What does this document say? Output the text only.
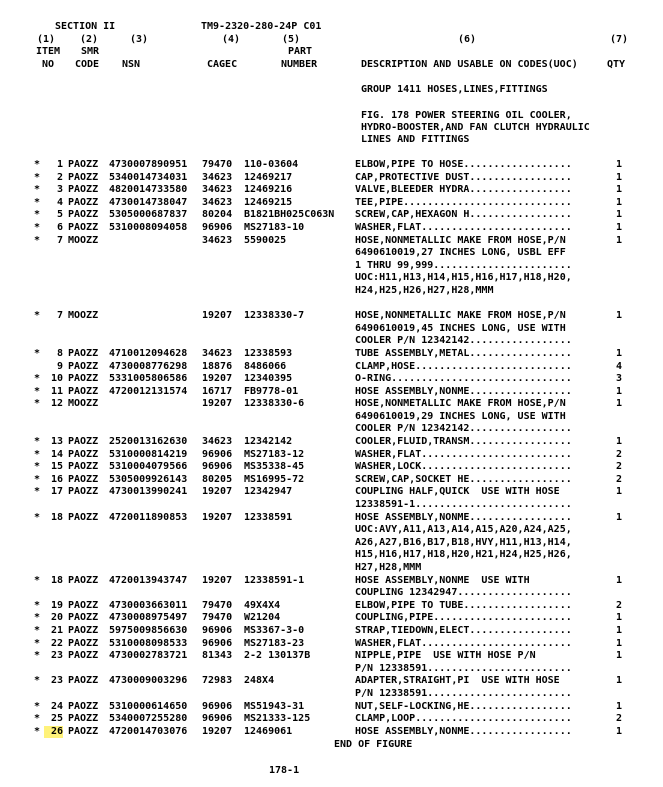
SECTION II	TM9-2320-280-24P C01
(1) (2)	(3)	(4)	(5)	(6)	(7)
ITEM SMR	PART
NO CODE NSN	CAGEC	NUMBER	DESCRIPTION AND USABLE ON CODES(UOC)	QTY
GROUP 1411 HOSES,LINES,FITTINGS
FIG. 178 POWER STEERING OIL COOLER,
HYDRO-BOOSTER,AND FAN CLUTCH HYDRAULIC
LINES AND FITTINGS
*	1 PAOZZ 4730007890951 79470 110-03604	ELBOW,PIPE TO HOSE..................	1
*	2 PAOZZ 5340014734031 34623 12469217	CAP,PROTECTIVE DUST.................	1
*	3 PAOZZ 4820014733580 34623 12469216	VALVE,BLEEDER HYDRA.................	1
*	4 PAOZZ 4730014738047 34623 12469215	TEE,PIPE............................	1
*	5 PAOZZ 5305000687837 80204 B1821BH025C063N SCREW,CAP,HEXAGON H.................	1
*	6 PAOZZ 5310008094058 96906 MS27183-10	WASHER,FLAT.........................	1
*	7 MOOZZ	34623 5590025	HOSE,NONMETALLIC MAKE FROM HOSE,P/N	1
6490610019,27 INCHES LONG, USBL EFF
1 THRU 99,999.......................
UOC:H11,H13,H14,H15,H16,H17,H18,H20,
H24,H25,H26,H27,H28,MMM
*	7 MOOZZ	19207 12338330-7	HOSE,NONMETALLIC MAKE FROM HOSE,P/N	1
6490610019,45 INCHES LONG, USE WITH
COOLER P/N 12342142.................
*	8 PAOZZ 4710012094628 34623 12338593	TUBE ASSEMBLY,METAL.................	1
9 PAOZZ 4730008776298 18876 8486066	CLAMP,HOSE..........................	4
*	10 PAOZZ 5331005806586 19207 12340395	O-RING..............................	3
*	11 PAOZZ 4720012131574 16717 FB9778-01	HOSE ASSEMBLY,NONME.................	1
*	12 MOOZZ	19207 12338330-6	HOSE,NONMETALLIC MAKE FROM HOSE,P/N	1
6490610019,29 INCHES LONG, USE WITH
COOLER P/N 12342142.................
*	13 PAOZZ 2520013162630 34623 12342142	COOLER,FLUID,TRANSM.................	1
*	14 PAOZZ 5310000814219 96906 MS27183-12	WASHER,FLAT.........................	2
*	15 PAOZZ 5310004079566 96906 MS35338-45	WASHER,LOCK.........................	2
*	16 PAOZZ 5305009926143 80205 MS16995-72	SCREW,CAP,SOCKET HE.................	2
*	17 PAOZZ 4730013990241 19207 12342947	COUPLING HALF,QUICK  USE WITH HOSE	1
12338591-1..........................
*	18 PAOZZ 4720011890853 19207 12338591	HOSE ASSEMBLY,NONME.................	1
UOC:AVY,A11,A13,A14,A15,A20,A24,A25,
A26,A27,B16,B17,B18,HVY,H11,H13,H14,
H15,H16,H17,H18,H20,H21,H24,H25,H26,
H27,H28,MMM
*	18 PAOZZ 4720013943747 19207 12338591-1	HOSE ASSEMBLY,NONME  USE WITH	1
COUPLING 12342947...................
*	19 PAOZZ 4730003663011 79470 49X4X4	ELBOW,PIPE TO TUBE..................	2
*	20 PAOZZ 4730008975497 79470 W21204	COUPLING,PIPE.......................	1
*	21 PAOZZ 5975009856630 96906 MS3367-3-0	STRAP,TIEDOWN,ELECT.................	1
*	22 PAOZZ 5310008098533 96906 MS27183-23	WASHER,FLAT.........................	1
*	23 PAOZZ 4730002783721 81343 2-2 130137B	NIPPLE,PIPE  USE WITH HOSE P/N	1
P/N 12338591........................
*	23 PAOZZ 4730009003296 72983 248X4	ADAPTER,STRAIGHT,PI  USE WITH HOSE	1
P/N 12338591........................
*	24 PAOZZ 5310000614650 96906 MS51943-31	NUT,SELF-LOCKING,HE.................	1
*	25 PAOZZ 5340007255280 96906 MS21333-125	CLAMP,LOOP..........................	2
*	26 PAOZZ 4720014703076 19207 12469061	HOSE ASSEMBLY,NONME.................	1
END OF FIGURE
178-1
